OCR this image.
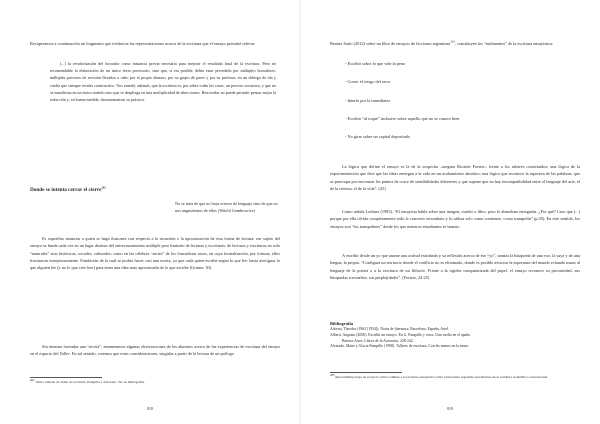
Recuperamos a continuación un fragmento que evidencia las representaciones acerca de la escritura que el ensayo permitió relevar:
(...) la revalorización del borrador como instancia previa necesaria para mejorar el resultado final de la escritura. Pero no recomendable la elaboración de un único texto provisorio, sino que, si era posible, debía estar precedido por múltiples borradores, múltiples procesos de revisión llevados a cabo por el propio alumno, por su grupo de pares y por su profesor, en un diálogo de ida y vuelta que siempre resulta constructivo. Nos enseñó, además, que la escritura es, por sobre todas las cosas, un proceso recursivo, y que no se manifiesta en un único sentido sino que se despliega en una multiplicidad de direcciones. Retrocedar no puede permitir pensar mejor la redacción y, en buena medida, desautomatizar su práctica.
Donde se intenta cerrar el cierre$^{262}$
No se trata de que no haya errores de lenguaje sino de que no nos angustiemos de ellos (Witold Gombrowicz)
Es superfluo anunciar a quien se haga ilusiones con respecto a la incursión o la aproximación de esta forma de lectura: ese sujeto del ensayo se funda cada vez en un lugar distinto del entrecruzamiento múltiple pero limitado de lecturas y escrituras: de lecturas y escrituras no solo “naturales” sino históricas, sociales, culturales; como en las célebres “series” de los formalistas rusos, en cuya formalización, por fortuna, ellos fracasaron estrepitosamente. Fundación de la cual se podría hacer casi una receta, ya que cada quien escribe según lo que lee: basta averiguar lo que alguien lee (y no lo que cree leer) para tener una idea muy aproximada de lo que escribe (Grüner, 30).
Sin intentar formular una “receta”, enumeramos algunas observaciones de los alumnos acerca de las experiencias de escritura del ensayo en el espacio del Taller. En tal sentido, creemos que estas consideraciones, surgidas a partir de la lectura de un prólogo
$^{262}$ Título tomado de Taller de escritura, Pampillo y Alvarado. Ver en bibliografía.
818
Beatriz Sarlo (2012) sobre un libro de ensayos de ficciones argentinas$^{263}$, constituyen los “rudimentos” de la escritura ensayística:

- Escribir sobre lo que vale la pena

- Correr el riesgo del error

- Interés por la inmediatez

- Escribir “al toque” inclusive sobre aquello que no se conoce bien

- No girar sobre un capital depositado

La lógica que define el ensayo es la de la sospecha –asegura Ricardo Forster– frente a los saberes constituidos; una lógica de la experimentación que dice que las ideas emergen a la vida en un acabamiento absoluto; una lógica que reconoce la aspereza de las palabras, que se preocupa por encontrar los puntos de cruce de sensibilidades diferentes y que supone que no hay incompatibilidad entre el lenguaje del arte, el de la ciencia, el de la vida”. (25)
Como señala Ludmer (1985), “El ensayista habla sobre una imagen, cuadro o libro, pero lo abandona enseguida. ¿Por qué? Creo que (...) porque por ella olvida completamente todo lo concreto secundario y lo utiliza solo como comienzo, como trampolín” (p.35). En este sentido, los ensayos son “los trampolines” desde los que nuestros estudiantes se lanzan.
A escribir desde un yo que asume una actitud extrañada y su reflexión acerca de ese “yo”, tamiza la búsqueda de una voz, la suya y de una lengua, la propia. “Configura un territorio donde el conflicto no es eliminado, donde es posible avizorar la esperanza del mundo echando mano al lenguaje de la poesía o a la escritura de un filósofo. Frente a la rigidez computarizada del papel, el ensayo reconoce su precariedad, sus búsquedas irresueltas, sus perplejidades”. (Forster, 24-25)
Bibliografía

Adorno, Theodor (1962 [1954]). Notas de literatura. Barcelona, España, Ariel.

Alberti, Augusto (2006). Escribir un ensayo. En G. Pampillo y otros, Una vuelta en el apaño.

Buenos Aires, Libros de la Araucaria. 228-242.

Alvarado, Maite y Gloria Pampillo (1988). Talleres de escritura. Con las manos en la masa.

$^{263}$ Intercambiópologo en el que la crítica adhiere a la escritura ensayística sobre la literatura argentina apartándose de la escritura académica convencional.
819
